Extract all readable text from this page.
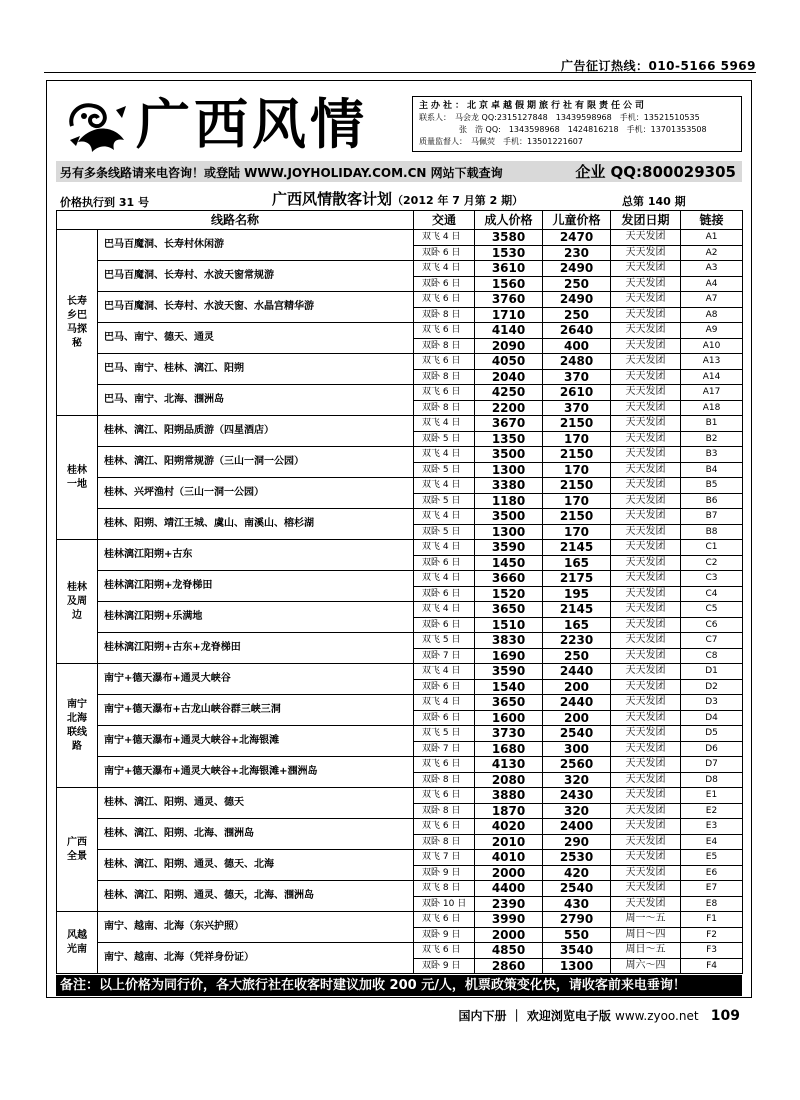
广告征订热线：010-5166 5969
广西风情	主办社：北京卓越假期旅行社有限责任公司
联系人：　马会龙 QQ:2315127848　13439598968　手机：13521510535
　　　　　张　浩 QQ:　1343598968　1424816218　手机：13701353508
质量监督人：　马佩荧　手机：13501221607
另有多条线路请来电咨询！或登陆 WWW.JOYHOLIDAY.COM.CN 网站下载查询	企业 QQ:800029305
价格执行到 31 号	广西风情散客计划（2012 年 7 月第 2 期）	总第 140 期
线路名称		交通	成人价格	儿童价格	发团日期	链接
长寿乡巴马探秘	巴马百魔洞、长寿村休闲游	双飞 4 日	3580	2470	天天发团	A1
		双卧 6 日	1530	230	天天发团	A2
	巴马百魔洞、长寿村、水波天窗常规游	双飞 4 日	3610	2490	天天发团	A3
		双卧 6 日	1560	250	天天发团	A4
	巴马百魔洞、长寿村、水波天窗、水晶宫精华游	双飞 6 日	3760	2490	天天发团	A7
		双卧 8 日	1710	250	天天发团	A8
	巴马、南宁、德天、通灵	双飞 6 日	4140	2640	天天发团	A9
		双卧 8 日	2090	400	天天发团	A10
	巴马、南宁、桂林、漓江、阳朔	双飞 6 日	4050	2480	天天发团	A13
		双卧 8 日	2040	370	天天发团	A14
	巴马、南宁、北海、涠洲岛	双飞 6 日	4250	2610	天天发团	A17
		双卧 8 日	2200	370	天天发团	A18
桂林一地	桂林、漓江、阳朔品质游（四星酒店）	双飞 4 日	3670	2150	天天发团	B1
		双卧 5 日	1350	170	天天发团	B2
	桂林、漓江、阳朔常规游（三山一洞一公园）	双飞 4 日	3500	2150	天天发团	B3
		双卧 5 日	1300	170	天天发团	B4
	桂林、兴坪渔村（三山一洞一公园）	双飞 4 日	3380	2150	天天发团	B5
		双卧 5 日	1180	170	天天发团	B6
	桂林、阳朔、靖江王城、虞山、南溪山、榕杉湖	双飞 4 日	3500	2150	天天发团	B7
		双卧 5 日	1300	170	天天发团	B8
桂林及周边	桂林漓江阳朔+古东	双飞 4 日	3590	2145	天天发团	C1
		双卧 6 日	1450	165	天天发团	C2
	桂林漓江阳朔+龙脊梯田	双飞 4 日	3660	2175	天天发团	C3
		双卧 6 日	1520	195	天天发团	C4
	桂林漓江阳朔+乐满地	双飞 4 日	3650	2145	天天发团	C5
		双卧 6 日	1510	165	天天发团	C6
	桂林漓江阳朔+古东+龙脊梯田	双飞 5 日	3830	2230	天天发团	C7
		双卧 7 日	1690	250	天天发团	C8
南宁北海联线路	南宁+德天瀑布+通灵大峡谷	双飞 4 日	3590	2440	天天发团	D1
		双卧 6 日	1540	200	天天发团	D2
	南宁+德天瀑布+古龙山峡谷群三峡三洞	双飞 4 日	3650	2440	天天发团	D3
		双卧 6 日	1600	200	天天发团	D4
	南宁+德天瀑布+通灵大峡谷+北海银滩	双飞 5 日	3730	2540	天天发团	D5
		双卧 7 日	1680	300	天天发团	D6
	南宁+德天瀑布+通灵大峡谷+北海银滩+涠洲岛	双飞 6 日	4130	2560	天天发团	D7
		双卧 8 日	2080	320	天天发团	D8
广西全景	桂林、漓江、阳朔、通灵、德天	双飞 6 日	3880	2430	天天发团	E1
		双卧 8 日	1870	320	天天发团	E2
	桂林、漓江、阳朔、北海、涠洲岛	双飞 6 日	4020	2400	天天发团	E3
		双卧 8 日	2010	290	天天发团	E4
	桂林、漓江、阳朔、通灵、德天、北海	双飞 7 日	4010	2530	天天发团	E5
		双卧 9 日	2000	420	天天发团	E6
	桂林、漓江、阳朔、通灵、德天，北海、涠洲岛	双飞 8 日	4400	2540	天天发团	E7
		双卧 10 日	2390	430	天天发团	E8
风越光南	南宁、越南、北海（东兴护照）	双飞 6 日	3990	2790	周一～五	F1
		双卧 9 日	2000	550	周日～四	F2
	南宁、越南、北海（凭祥身份证）	双飞 6 日	4850	3540	周日～五	F3
		双卧 9 日	2860	1300	周六～四	F4
备注：以上价格为同行价，各大旅行社在收客时建议加收 200 元/人，机票政策变化快，请收客前来电垂询！
国内下册 ｜ 欢迎浏览电子版 www.zyoo.net 109
